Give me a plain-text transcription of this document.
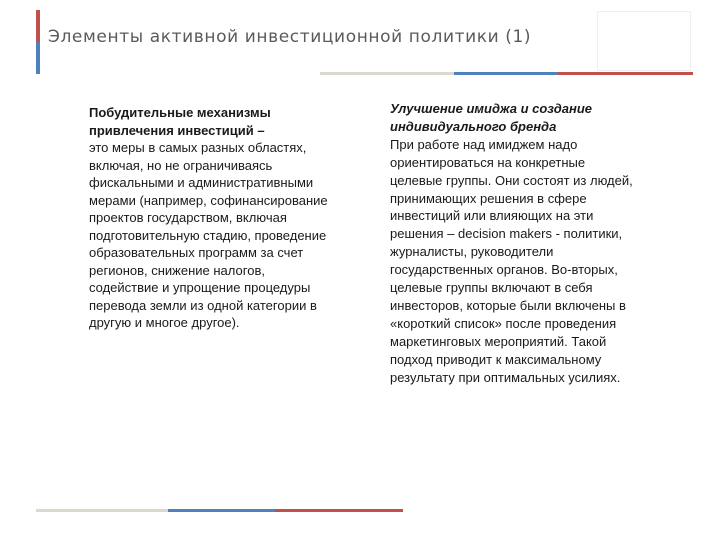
Элементы активной инвестиционной политики (1)
Побудительные механизмы привлечения инвестиций –
это меры в самых разных областях, включая, но не ограничиваясь фискальными и административными мерами (например, софинансирование проектов государством, включая подготовительную стадию, проведение образовательных программ за счет регионов, снижение налогов, содействие и упрощение процедуры перевода земли из одной категории в другую и многое другое).
Улучшение имиджа и создание индивидуального бренда
При работе над имиджем надо ориентироваться на конкретные целевые группы. Они состоят из людей, принимающих решения в сфере инвестиций или влияющих на эти решения – decision makers - политики, журналисты, руководители государственных органов. Во-вторых, целевые группы включают в себя инвесторов, которые были включены в «короткий список» после проведения маркетинговых мероприятий. Такой подход приводит к максимальному результату при оптимальных усилиях.
